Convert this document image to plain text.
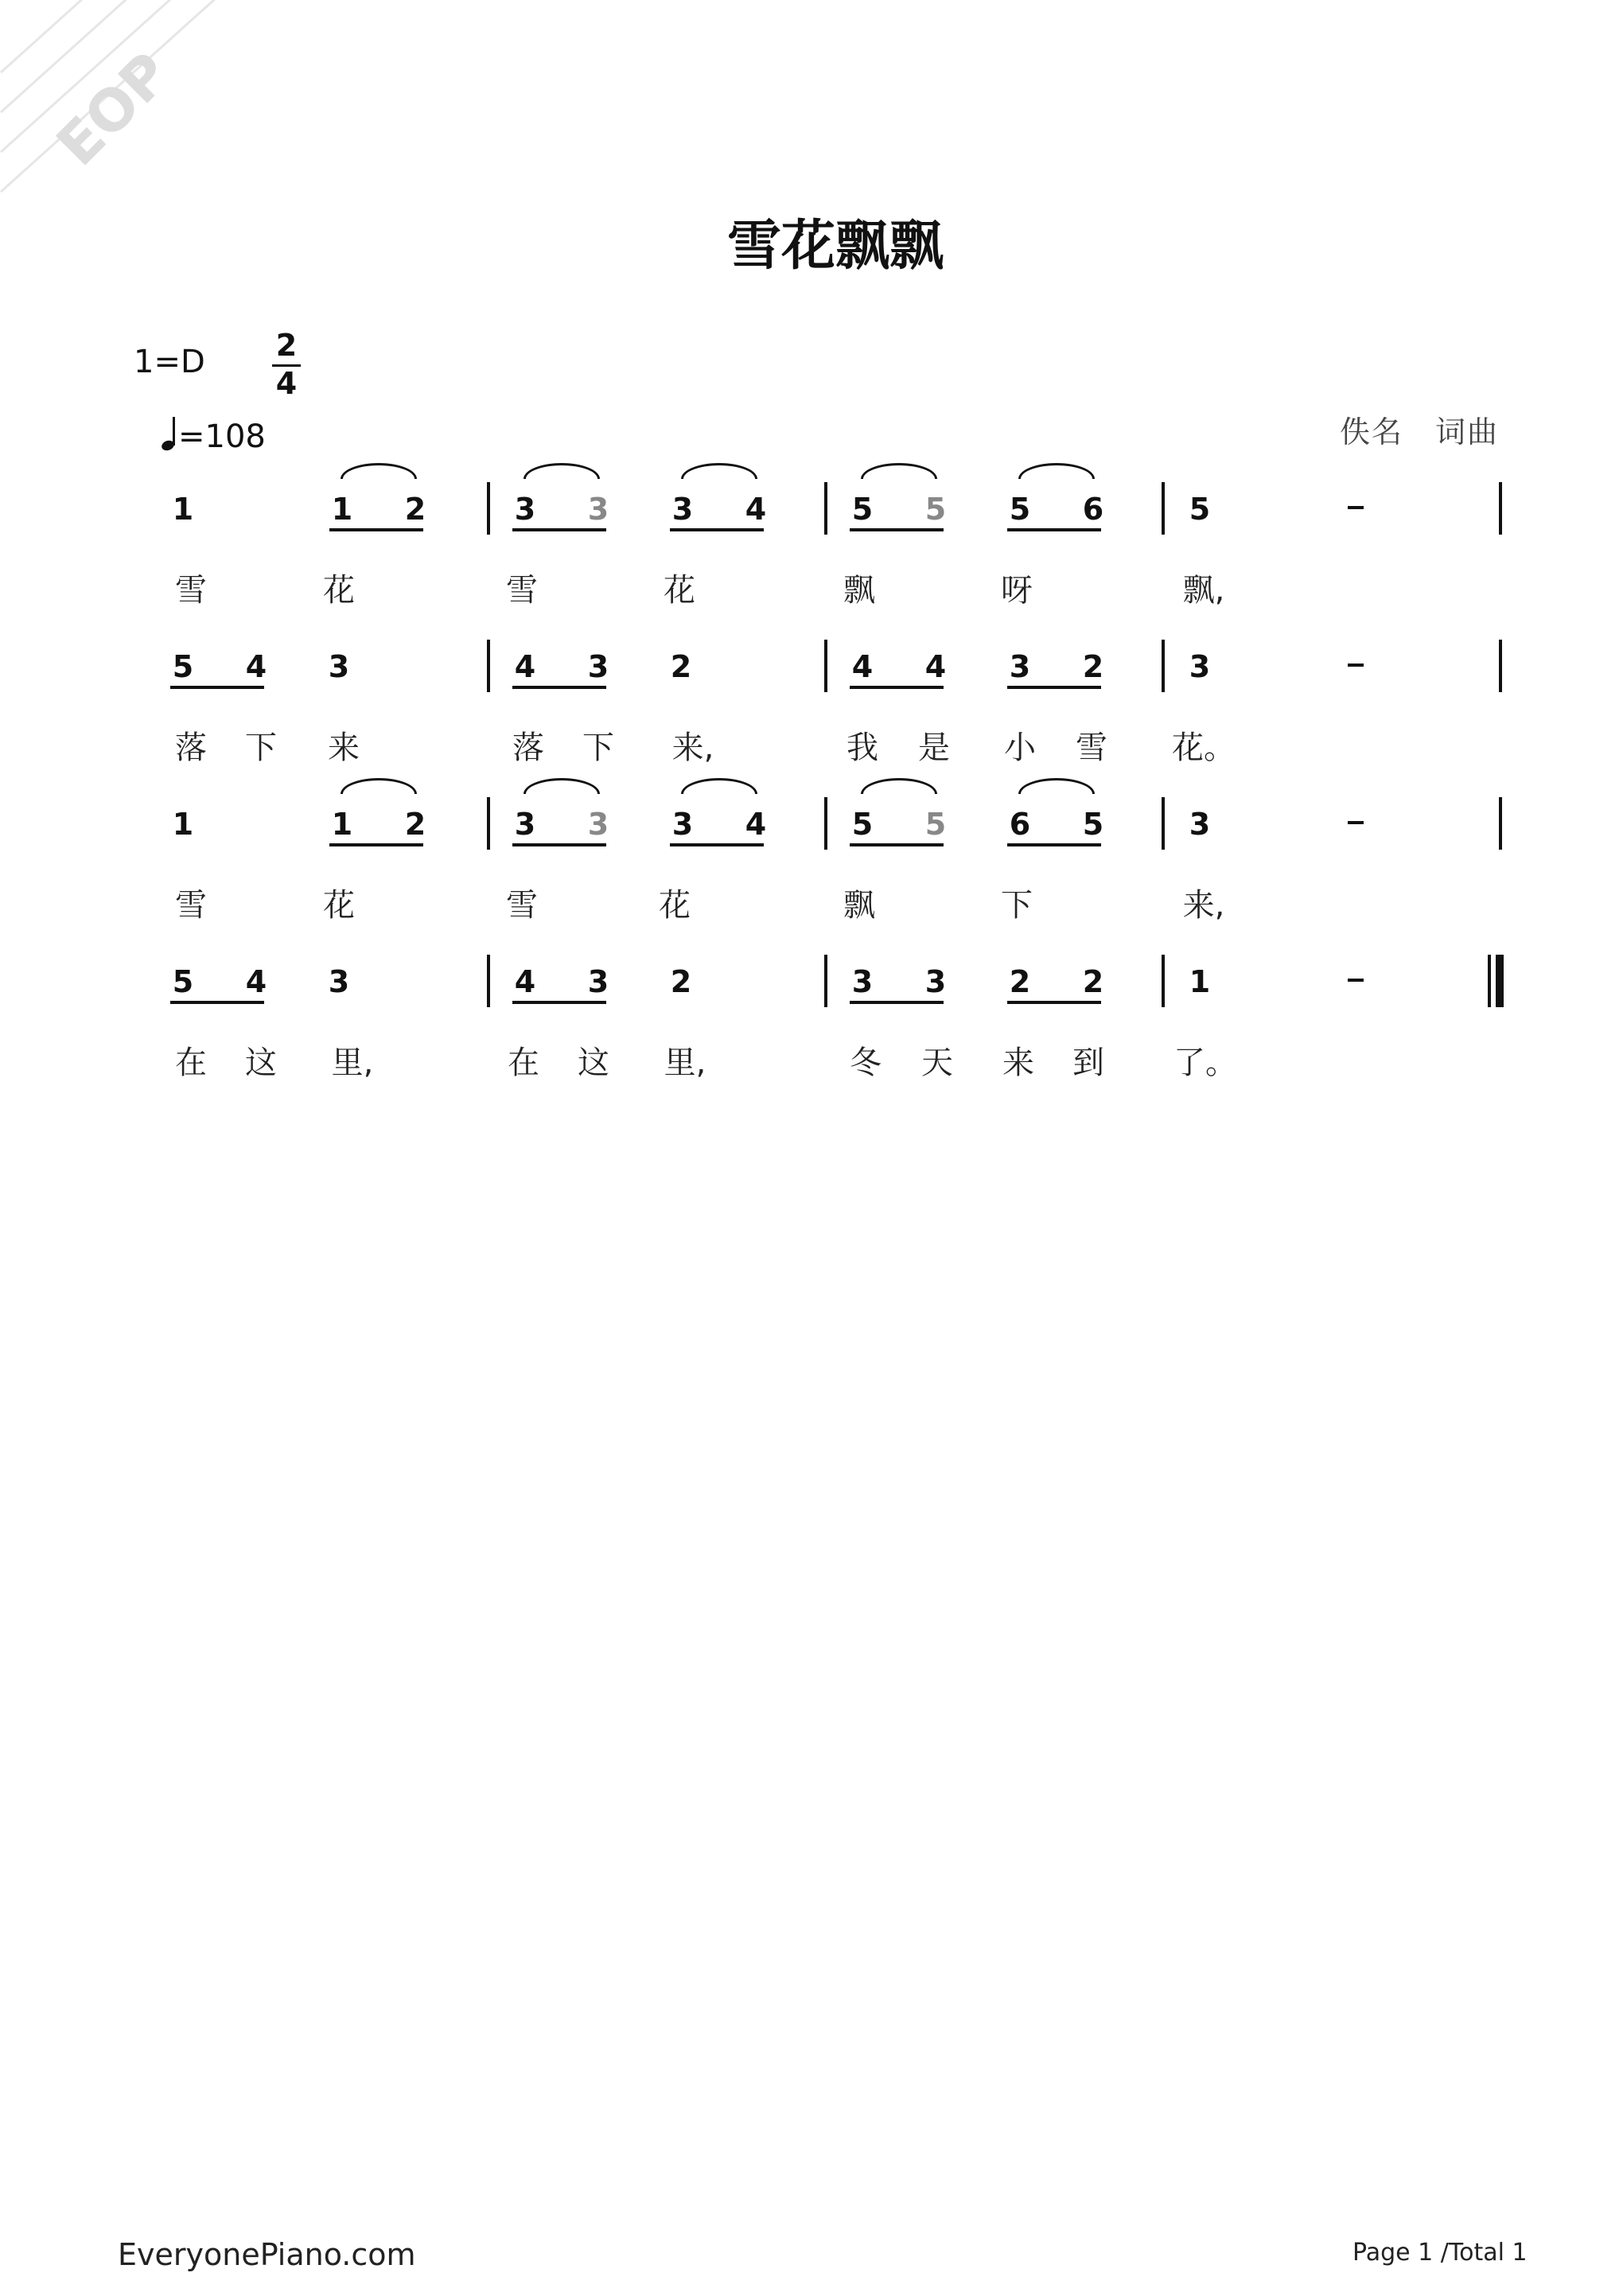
EOP
雪花飘飘
1=D 2
4
=108	佚名 词曲
1	1 2	3 3 3 4	5 5 5 6	5
雪	花	雪	花	飘	呀	飘,
5 4 3	4 3 2	4 4 3 2	3
落 下 来	落 下	来,	我 是 小 雪 花。
1	1 2	3 3 3 4	5 5 6 5	3
雪	花	雪	花	飘	下	来,
5 4 3	4 3 2	3 3 2 2	1
在 这	里,	在 这	里,	冬 天 来 到 了。
EveryonePiano.com	Page 1 /Total 1
